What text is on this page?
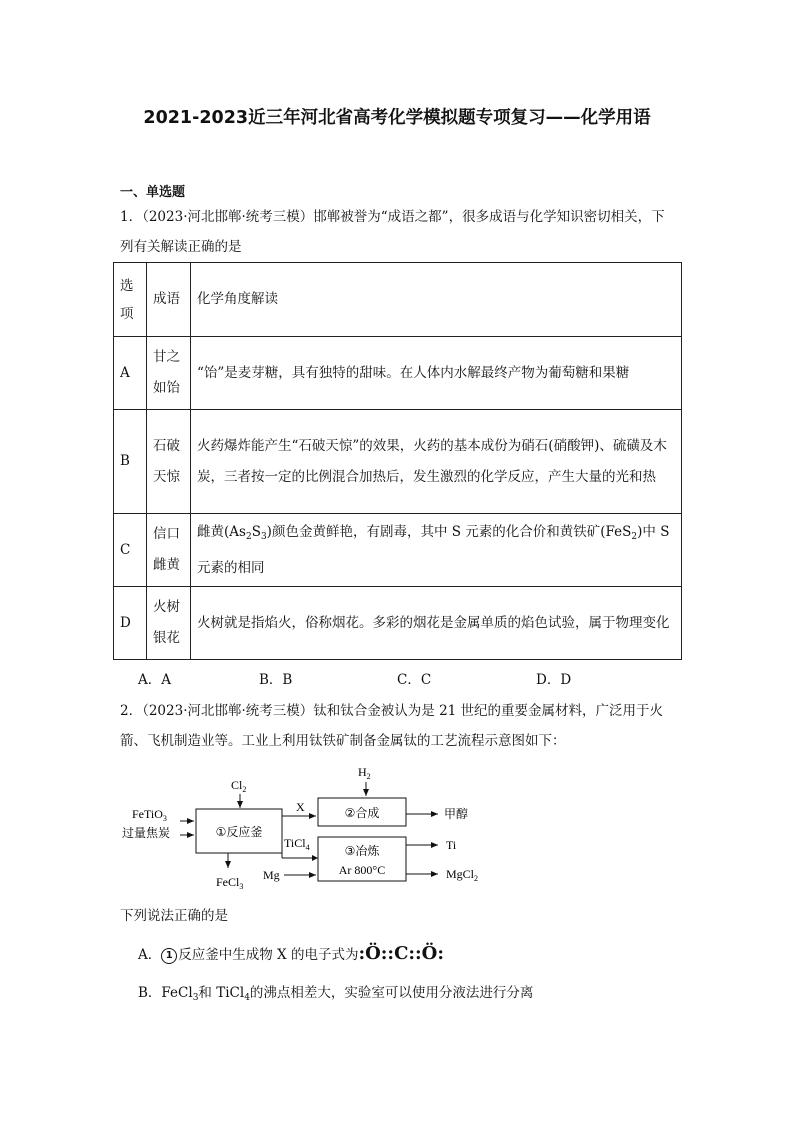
2021-2023近三年河北省高考化学模拟题专项复习——化学用语
一、单选题

1．（2023·河北邯郸·统考三模）邯郸被誉为“成语之都”，很多成语与化学知识密切相关，下
列有关解读正确的是

选项	成语	化学角度解读
A	甘之如饴	“饴”是麦芽糖，具有独特的甜味。在人体内水解最终产物为葡萄糖和果糖
B	石破天惊	火药爆炸能产生“石破天惊”的效果，火药的基本成份为硝石(硝酸钾)、硫磺及木炭，三者按一定的比例混合加热后，发生激烈的化学反应，产生大量的光和热
C	信口雌黄	雌黄$(As_2S_3)$颜色金黄鲜艳，有剧毒，其中 S 元素的化合价和黄铁矿(FeS$_2$)中 S 元素的相同
D	火树银花	火树就是指焰火，俗称烟花。多彩的烟花是金属单质的焰色试验，属于物理变化
A．A	B．B	C．C	D．D

2．（2023·河北邯郸·统考三模）钛和钛合金被认为是 21 世纪的重要金属材料，广泛用于火
箭、飞机制造业等。工业上利用钛铁矿制备金属钛的工艺流程示意图如下：

FeTiO$_3$
过量焦炭
$Cl_2$
①反应釜
FeCl$_3$
X
TiCl$_4$
$H_2$
②合成	甲醇
③冶炼
Ar 800°C
Ti
Mg	MgCl$_2$
下列说法正确的是
A． 1 反应釜中生成物 X 的电子式为:Ö::C::Ö:
B．FeCl$_3$和 TiCl$_4$的沸点相差大，实验室可以使用分液法进行分离
